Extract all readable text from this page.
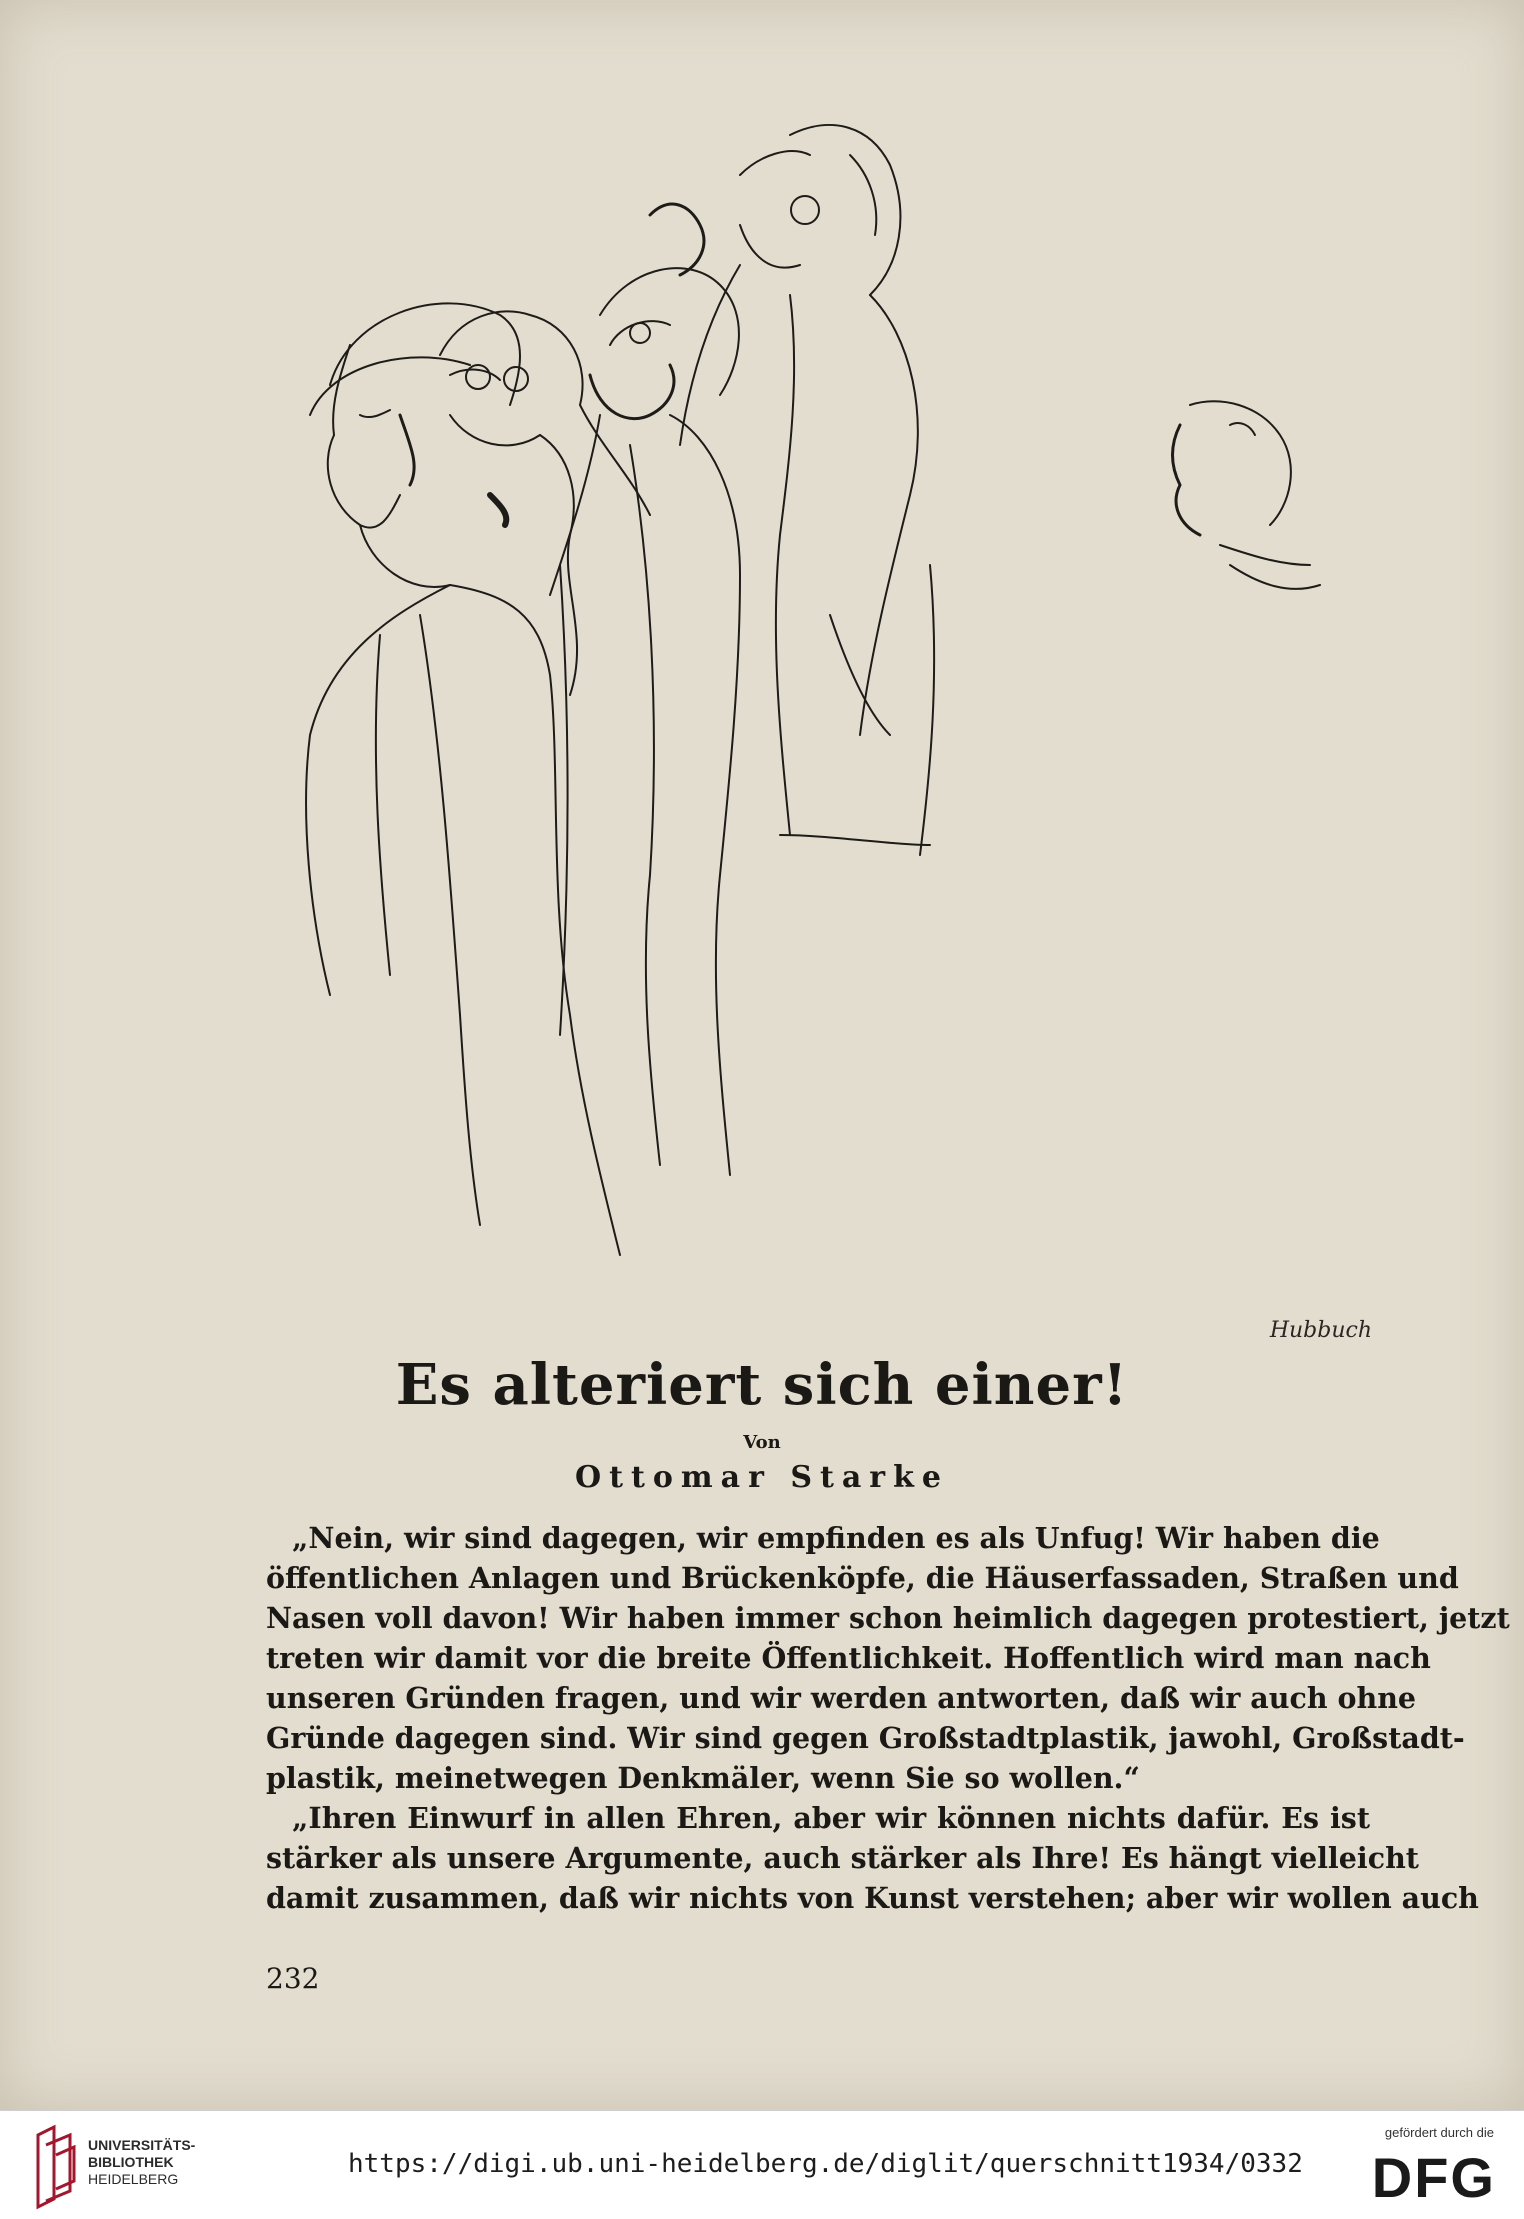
Hubbuch
Es alteriert sich einer!
Von
Ottomar Starke
„Nein, wir sind dagegen, wir empfinden es als Unfug! Wir haben die
öffentlichen Anlagen und Brückenköpfe, die Häuserfassaden, Straßen und
Nasen voll davon! Wir haben immer schon heimlich dagegen protestiert, jetzt
treten wir damit vor die breite Öffentlichkeit. Hoffentlich wird man nach
unseren Gründen fragen, und wir werden antworten, daß wir auch ohne
Gründe dagegen sind. Wir sind gegen Großstadtplastik, jawohl, Großstadt-
plastik, meinetwegen Denkmäler, wenn Sie so wollen.“
„Ihren Einwurf in allen Ehren, aber wir können nichts dafür. Es ist
stärker als unsere Argumente, auch stärker als Ihre! Es hängt vielleicht
damit zusammen, daß wir nichts von Kunst verstehen; aber wir wollen auch
232
UNIVERSITÄTS-
BIBLIOTHEK
HEIDELBERG	https://digi.ub.uni-heidelberg.de/diglit/querschnitt1934/0332
gefördert durch die
DFG
